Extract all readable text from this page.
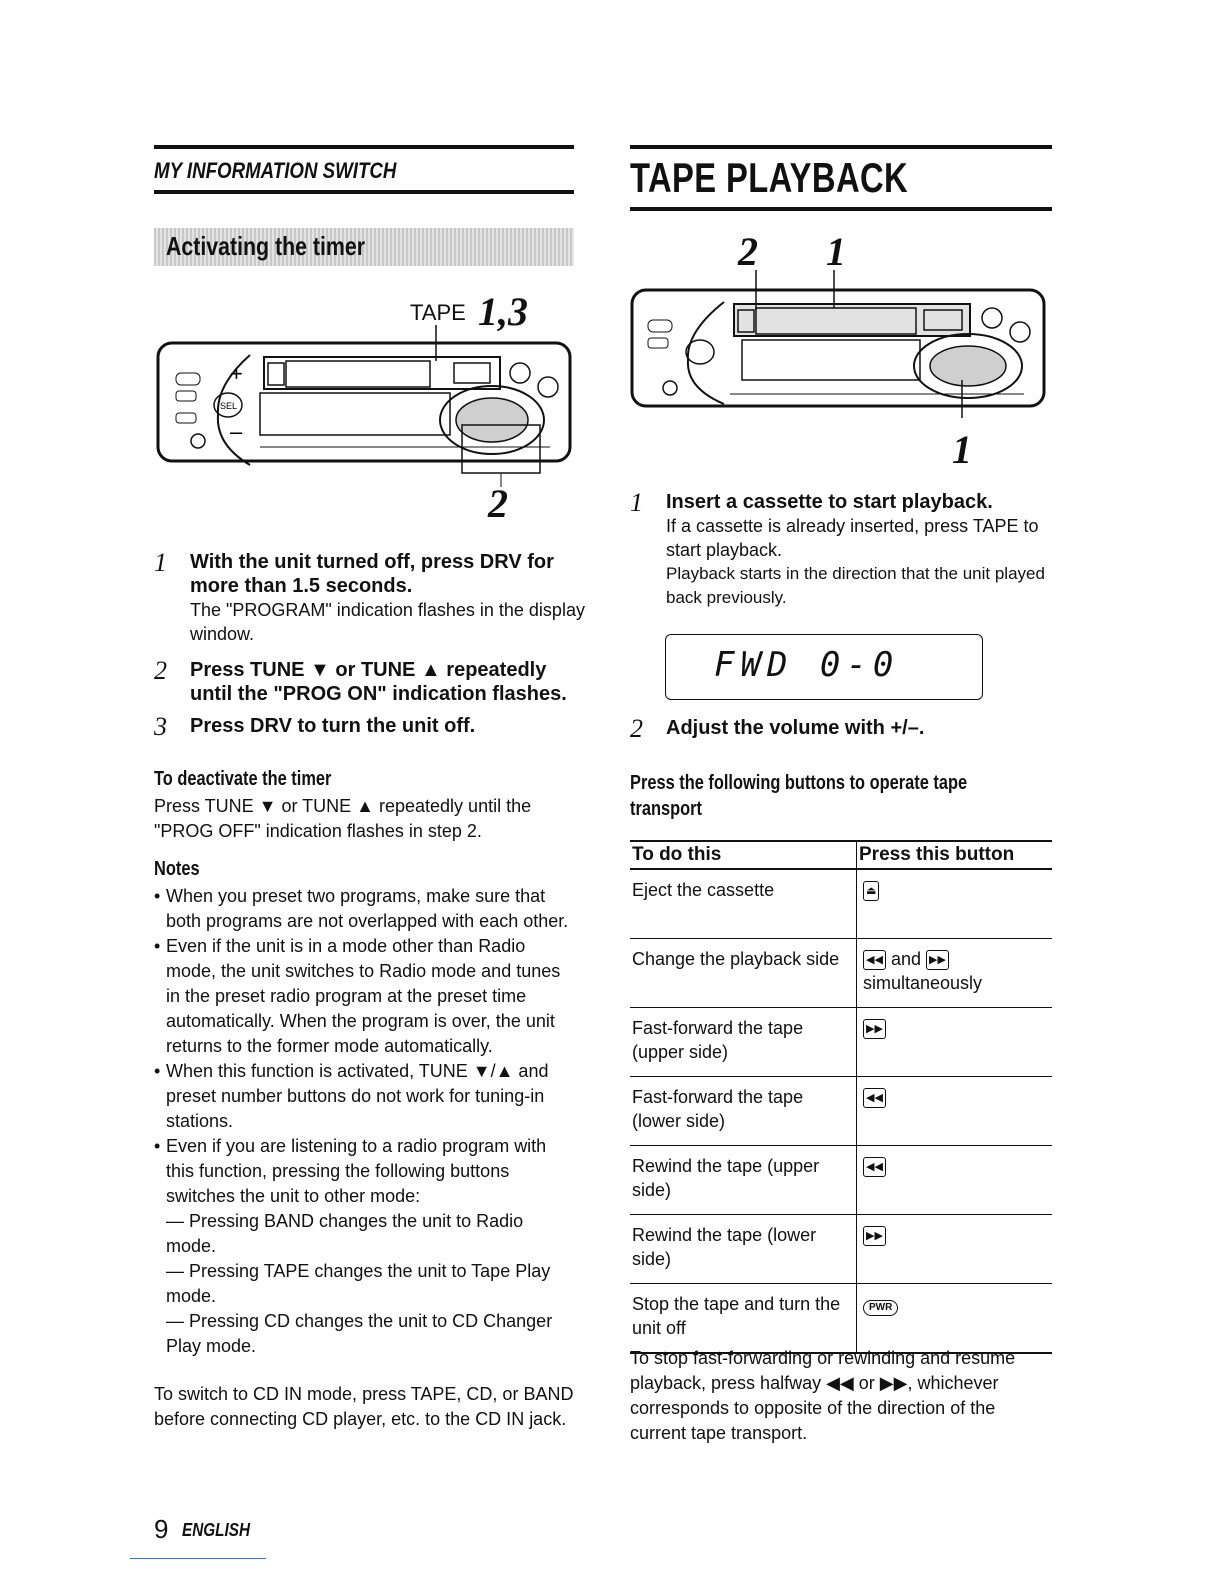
MY INFORMATION SWITCH
Activating the timer
TAPE 1,3
+
SEL
–
2
1 With the unit turned off, press DRV for more than 1.5 seconds.
The "PROGRAM" indication flashes in the display window.
2 Press TUNE ▼ or TUNE ▲ repeatedly until the "PROG ON" indication flashes.
3 Press DRV to turn the unit off.
To deactivate the timer
Press TUNE ▼ or TUNE ▲ repeatedly until the "PROG OFF" indication flashes in step 2.
Notes
• When you preset two programs, make sure that both programs are not overlapped with each other.
• Even if the unit is in a mode other than Radio mode, the unit switches to Radio mode and tunes in the preset radio program at the preset time automatically. When the program is over, the unit returns to the former mode automatically.
• When this function is activated, TUNE ▼/▲ and preset number buttons do not work for tuning-in stations.
• Even if you are listening to a radio program with this function, pressing the following buttons switches the unit to other mode:
— Pressing BAND changes the unit to Radio mode.
— Pressing TAPE changes the unit to Tape Play mode.
— Pressing CD changes the unit to CD Changer Play mode.
To switch to CD IN mode, press TAPE, CD, or BAND before connecting CD player, etc. to the CD IN jack.
TAPE PLAYBACK
2 1
1
1 Insert a cassette to start playback.
If a cassette is already inserted, press TAPE to start playback.
Playback starts in the direction that the unit played back previously.
FWD 0-0
2 Adjust the volume with +/–.
Press the following buttons to operate tape transport
To do this	Press this button
Eject the cassette	⏏
Change the playback side	◀◀ and ▶▶
simultaneously
Fast-forward the tape (upper side)	▶▶
Fast-forward the tape (lower side)	◀◀
Rewind the tape (upper side)	◀◀
Rewind the tape (lower side)	▶▶
Stop the tape and turn the unit off	PWR
To stop fast-forwarding or rewinding and resume playback, press halfway ◀◀ or ▶▶, whichever corresponds to opposite of the direction of the current tape transport.
9 ENGLISH
